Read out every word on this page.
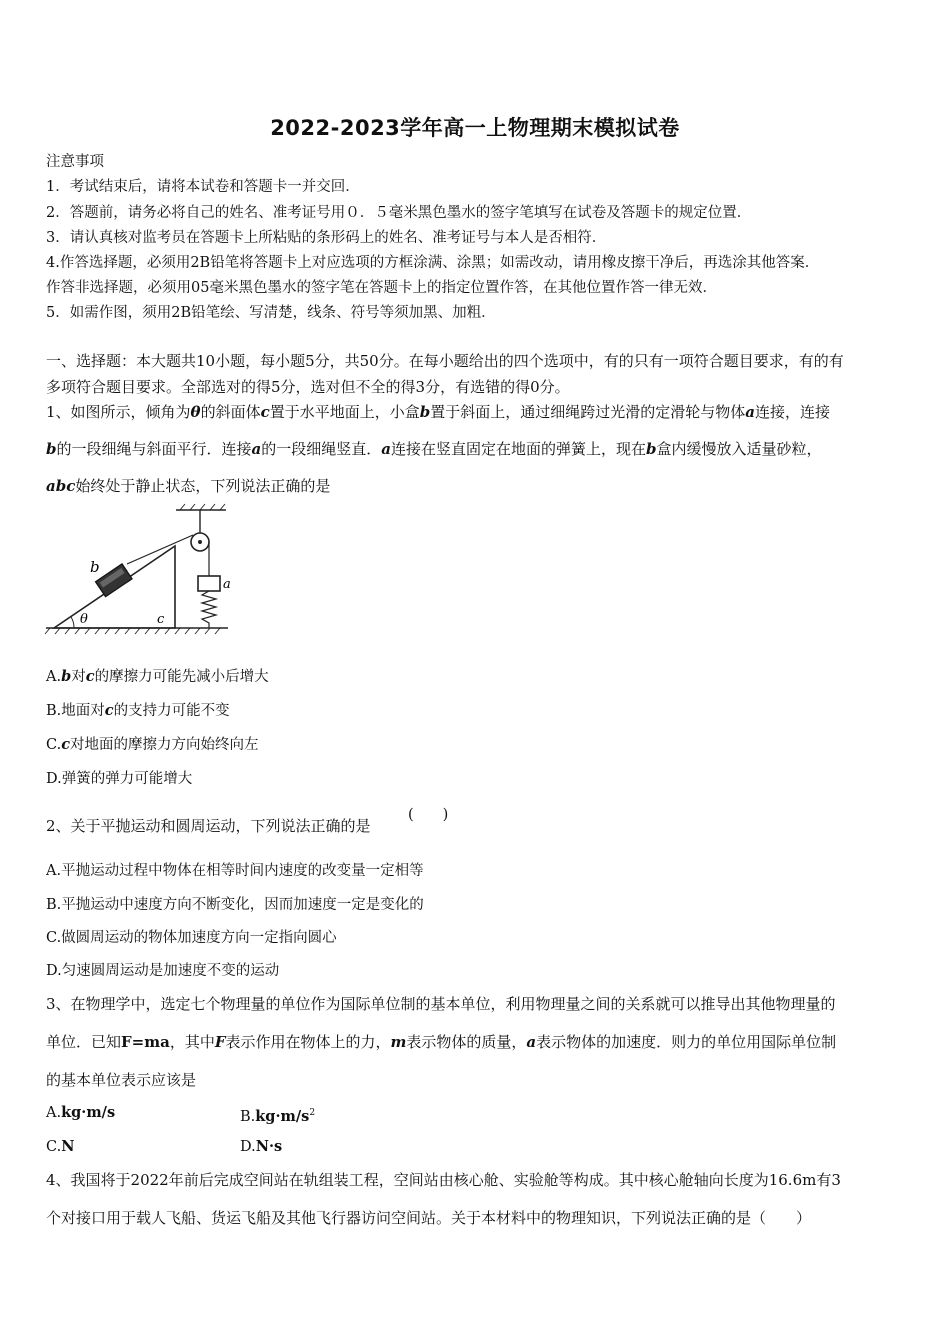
2022-2023学年高一上物理期末模拟试卷
注意事项
1．考试结束后，请将本试卷和答题卡一并交回．
2．答题前，请务必将自己的姓名、准考证号用０．５毫米黑色墨水的签字笔填写在试卷及答题卡的规定位置．
3．请认真核对监考员在答题卡上所粘贴的条形码上的姓名、准考证号与本人是否相符．
4.作答选择题，必须用2B铅笔将答题卡上对应选项的方框涂满、涂黑；如需改动，请用橡皮擦干净后，再选涂其他答案．
作答非选择题，必须用05毫米黑色墨水的签字笔在答题卡上的指定位置作答，在其他位置作答一律无效．
5．如需作图，须用2B铅笔绘、写清楚，线条、符号等须加黑、加粗．
一、选择题：本大题共10小题，每小题5分，共50分。在每小题给出的四个选项中，有的只有一项符合题目要求，有的有
多项符合题目要求。全部选对的得5分，选对但不全的得3分，有选错的得0分。
1、如图所示，倾角为θ的斜面体c置于水平地面上，小盒b置于斜面上，通过细绳跨过光滑的定滑轮与物体a连接，连接
b的一段细绳与斜面平行．连接a的一段细绳竖直．a连接在竖直固定在地面的弹簧上，现在b盒内缓慢放入适量砂粒，
abc始终处于静止状态，下列说法正确的是
b
θ	c
a
A.b对c的摩擦力可能先减小后增大
B.地面对c的支持力可能不变
C.c对地面的摩擦力方向始终向左
D.弹簧的弹力可能增大
2、关于平抛运动和圆周运动，下列说法正确的是
(　　)
A.平抛运动过程中物体在相等时间内速度的改变量一定相等
B.平抛运动中速度方向不断变化，因而加速度一定是变化的
C.做圆周运动的物体加速度方向一定指向圆心
D.匀速圆周运动是加速度不变的运动
3、在物理学中，选定七个物理量的单位作为国际单位制的基本单位，利用物理量之间的关系就可以推导出其他物理量的
单位．已知F=ma，其中F表示作用在物体上的力，m表示物体的质量，a表示物体的加速度．则力的单位用国际单位制
的基本单位表示应该是
A.kg·m/s	$B.kg\cdot m/s^2$
C.N	D.N·s
4、我国将于2022年前后完成空间站在轨组装工程，空间站由核心舱、实验舱等构成。其中核心舱轴向长度为16.6m有3
个对接口用于载人飞船、货运飞船及其他飞行器访问空间站。关于本材料中的物理知识，下列说法正确的是（　　）
